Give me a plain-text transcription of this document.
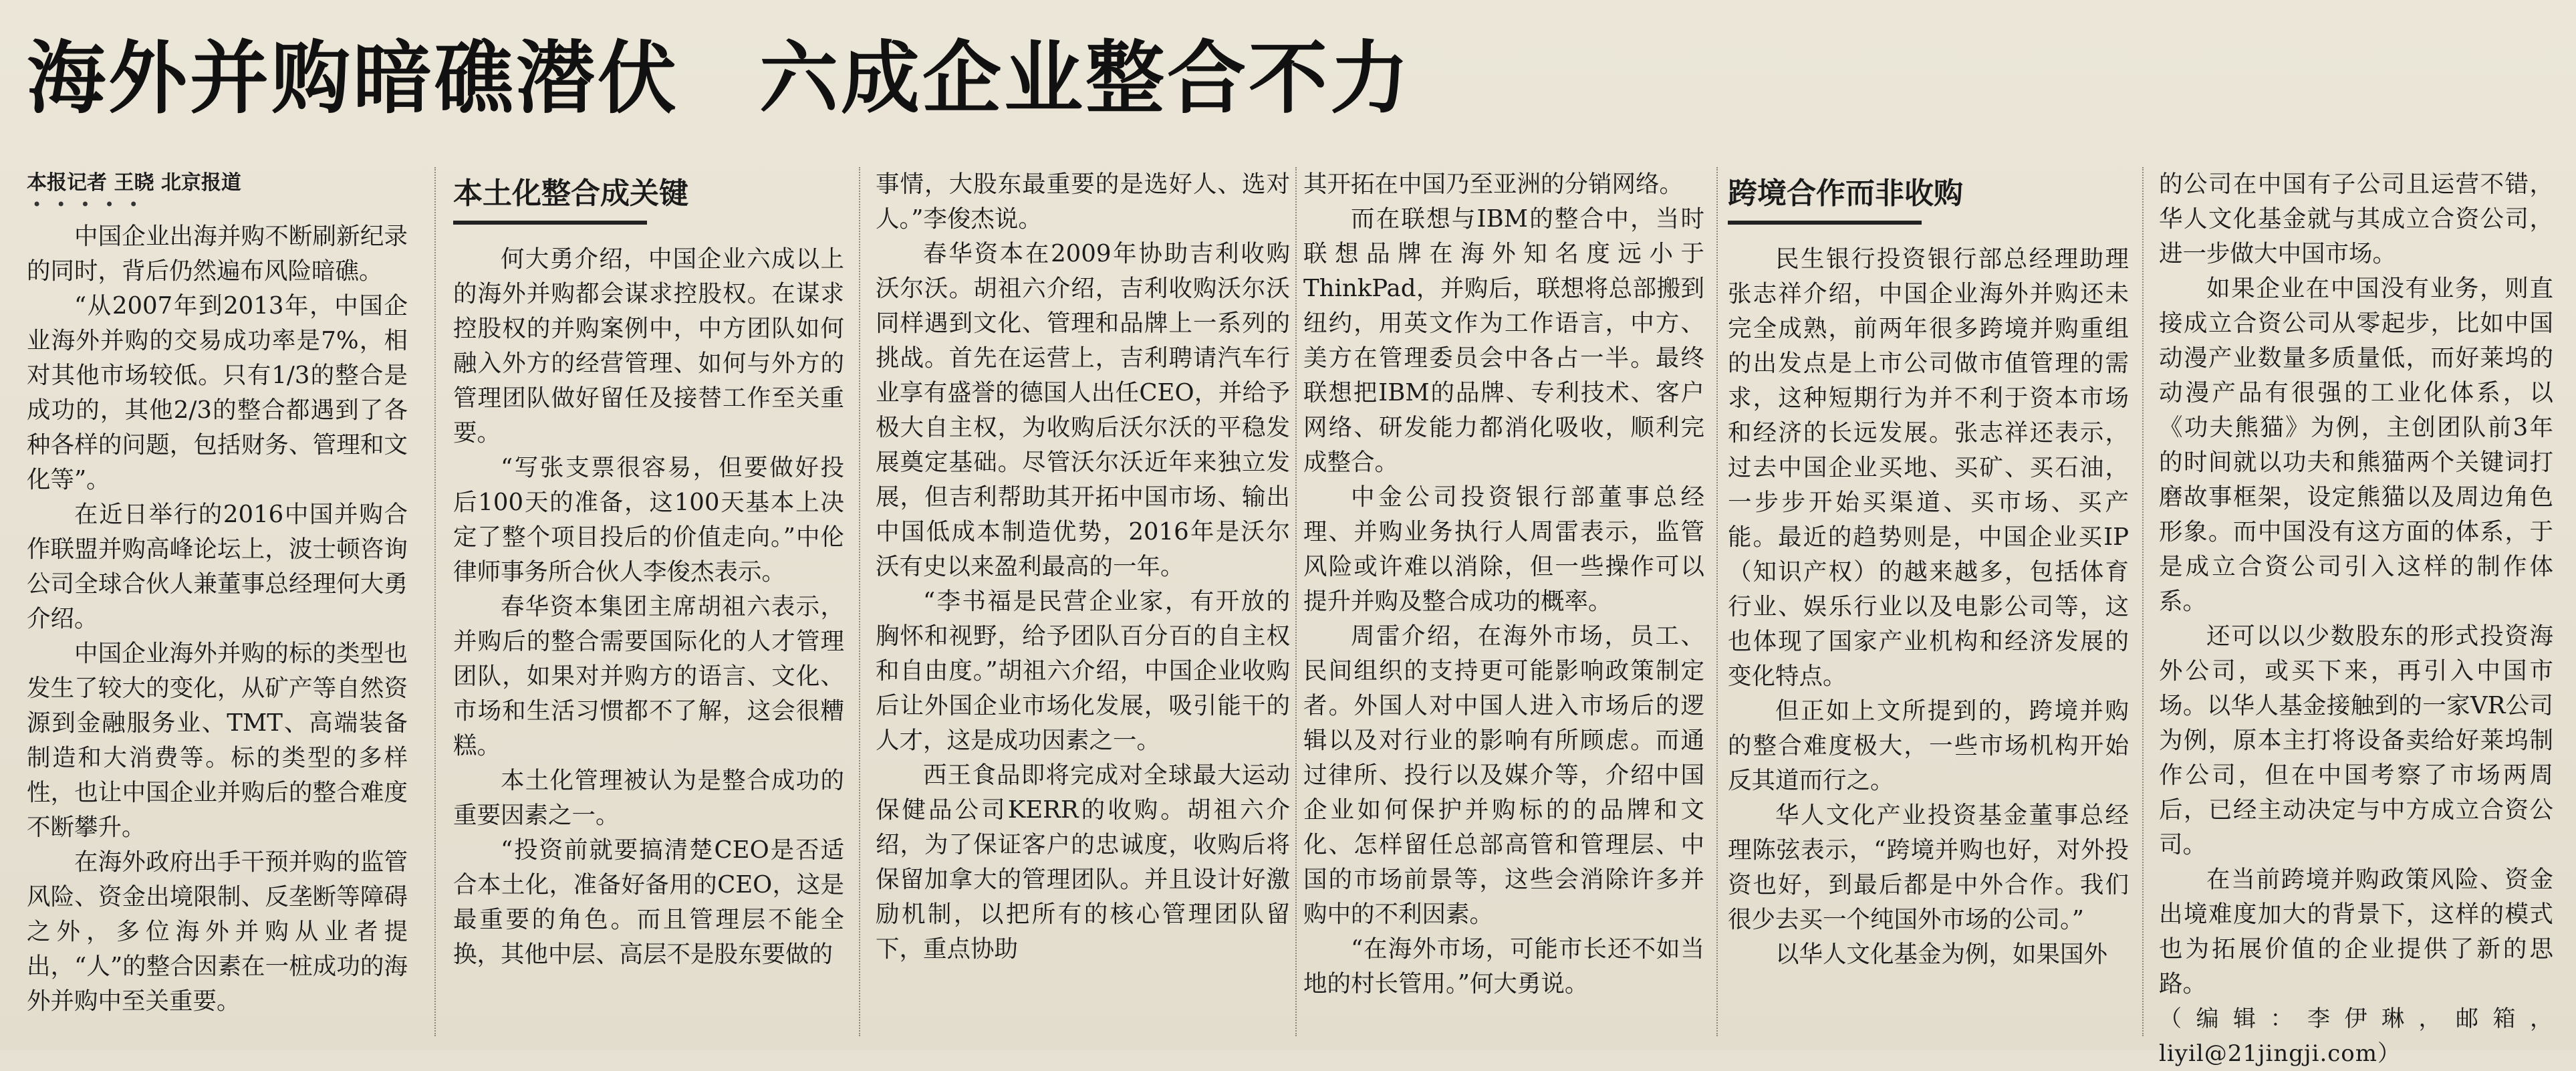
海外并购暗礁潜伏 六成企业整合不力
本报记者 王晓 北京报道
•••••

中国企业出海并购不断刷新纪录的同时，背后仍然遍布风险暗礁。

“从2007年到2013年，中国企业海外并购的交易成功率是7%，相对其他市场较低。只有1/3的整合是成功的，其他2/3的整合都遇到了各种各样的问题，包括财务、管理和文化等”。

在近日举行的2016中国并购合作联盟并购高峰论坛上，波士顿咨询公司全球合伙人兼董事总经理何大勇介绍。

中国企业海外并购的标的类型也发生了较大的变化，从矿产等自然资源到金融服务业、TMT、高端装备制造和大消费等。标的类型的多样性，也让中国企业并购后的整合难度不断攀升。

在海外政府出手干预并购的监管风险、资金出境限制、反垄断等障碍之外，多位海外并购从业者提出，“人”的整合因素在一桩成功的海外并购中至关重要。

本土化整合成关键

何大勇介绍，中国企业六成以上的海外并购都会谋求控股权。在谋求控股权的并购案例中，中方团队如何融入外方的经营管理、如何与外方的管理团队做好留任及接替工作至关重要。

“写张支票很容易，但要做好投后100天的准备，这100天基本上决定了整个项目投后的价值走向。”中伦律师事务所合伙人李俊杰表示。

春华资本集团主席胡祖六表示，并购后的整合需要国际化的人才管理团队，如果对并购方的语言、文化、市场和生活习惯都不了解，这会很糟糕。

本土化管理被认为是整合成功的重要因素之一。

“投资前就要搞清楚CEO是否适合本土化，准备好备用的CEO，这是最重要的角色。而且管理层不能全换，其他中层、高层不是股东要做的

事情，大股东最重要的是选好人、选对人。”李俊杰说。

春华资本在2009年协助吉利收购沃尔沃。胡祖六介绍，吉利收购沃尔沃同样遇到文化、管理和品牌上一系列的挑战。首先在运营上，吉利聘请汽车行业享有盛誉的德国人出任CEO，并给予极大自主权，为收购后沃尔沃的平稳发展奠定基础。尽管沃尔沃近年来独立发展，但吉利帮助其开拓中国市场、输出中国低成本制造优势，2016年是沃尔沃有史以来盈利最高的一年。

“李书福是民营企业家，有开放的胸怀和视野，给予团队百分百的自主权和自由度。”胡祖六介绍，中国企业收购后让外国企业市场化发展，吸引能干的人才，这是成功因素之一。

西王食品即将完成对全球最大运动保健品公司KERR的收购。胡祖六介绍，为了保证客户的忠诚度，收购后将保留加拿大的管理团队。并且设计好激励机制，以把所有的核心管理团队留下，重点协助

其开拓在中国乃至亚洲的分销网络。

而在联想与IBM的整合中，当时联想品牌在海外知名度远小于ThinkPad，并购后，联想将总部搬到纽约，用英文作为工作语言，中方、美方在管理委员会中各占一半。最终联想把IBM的品牌、专利技术、客户网络、研发能力都消化吸收，顺利完成整合。

中金公司投资银行部董事总经理、并购业务执行人周雷表示，监管风险或许难以消除，但一些操作可以提升并购及整合成功的概率。

周雷介绍，在海外市场，员工、民间组织的支持更可能影响政策制定者。外国人对中国人进入市场后的逻辑以及对行业的影响有所顾虑。而通过律所、投行以及媒介等，介绍中国企业如何保护并购标的的品牌和文化、怎样留任总部高管和管理层、中国的市场前景等，这些会消除许多并购中的不利因素。

“在海外市场，可能市长还不如当地的村长管用。”何大勇说。

跨境合作而非收购

民生银行投资银行部总经理助理张志祥介绍，中国企业海外并购还未完全成熟，前两年很多跨境并购重组的出发点是上市公司做市值管理的需求，这种短期行为并不利于资本市场和经济的长远发展。张志祥还表示，过去中国企业买地、买矿、买石油，一步步开始买渠道、买市场、买产能。最近的趋势则是，中国企业买IP（知识产权）的越来越多，包括体育行业、娱乐行业以及电影公司等，这也体现了国家产业机构和经济发展的变化特点。

但正如上文所提到的，跨境并购的整合难度极大，一些市场机构开始反其道而行之。

华人文化产业投资基金董事总经理陈弦表示，“跨境并购也好，对外投资也好，到最后都是中外合作。我们很少去买一个纯国外市场的公司。”

以华人文化基金为例，如果国外

的公司在中国有子公司且运营不错，华人文化基金就与其成立合资公司，进一步做大中国市场。

如果企业在中国没有业务，则直接成立合资公司从零起步，比如中国动漫产业数量多质量低，而好莱坞的动漫产品有很强的工业化体系，以《功夫熊猫》为例，主创团队前3年的时间就以功夫和熊猫两个关键词打磨故事框架，设定熊猫以及周边角色形象。而中国没有这方面的体系，于是成立合资公司引入这样的制作体系。

还可以以少数股东的形式投资海外公司，或买下来，再引入中国市场。以华人基金接触到的一家VR公司为例，原本主打将设备卖给好莱坞制作公司，但在中国考察了市场两周后，已经主动决定与中方成立合资公司。

在当前跨境并购政策风险、资金出境难度加大的背景下，这样的模式也为拓展价值的企业提供了新的思路。

（编辑：李伊琳，邮箱，liyil@21jingji.com）
